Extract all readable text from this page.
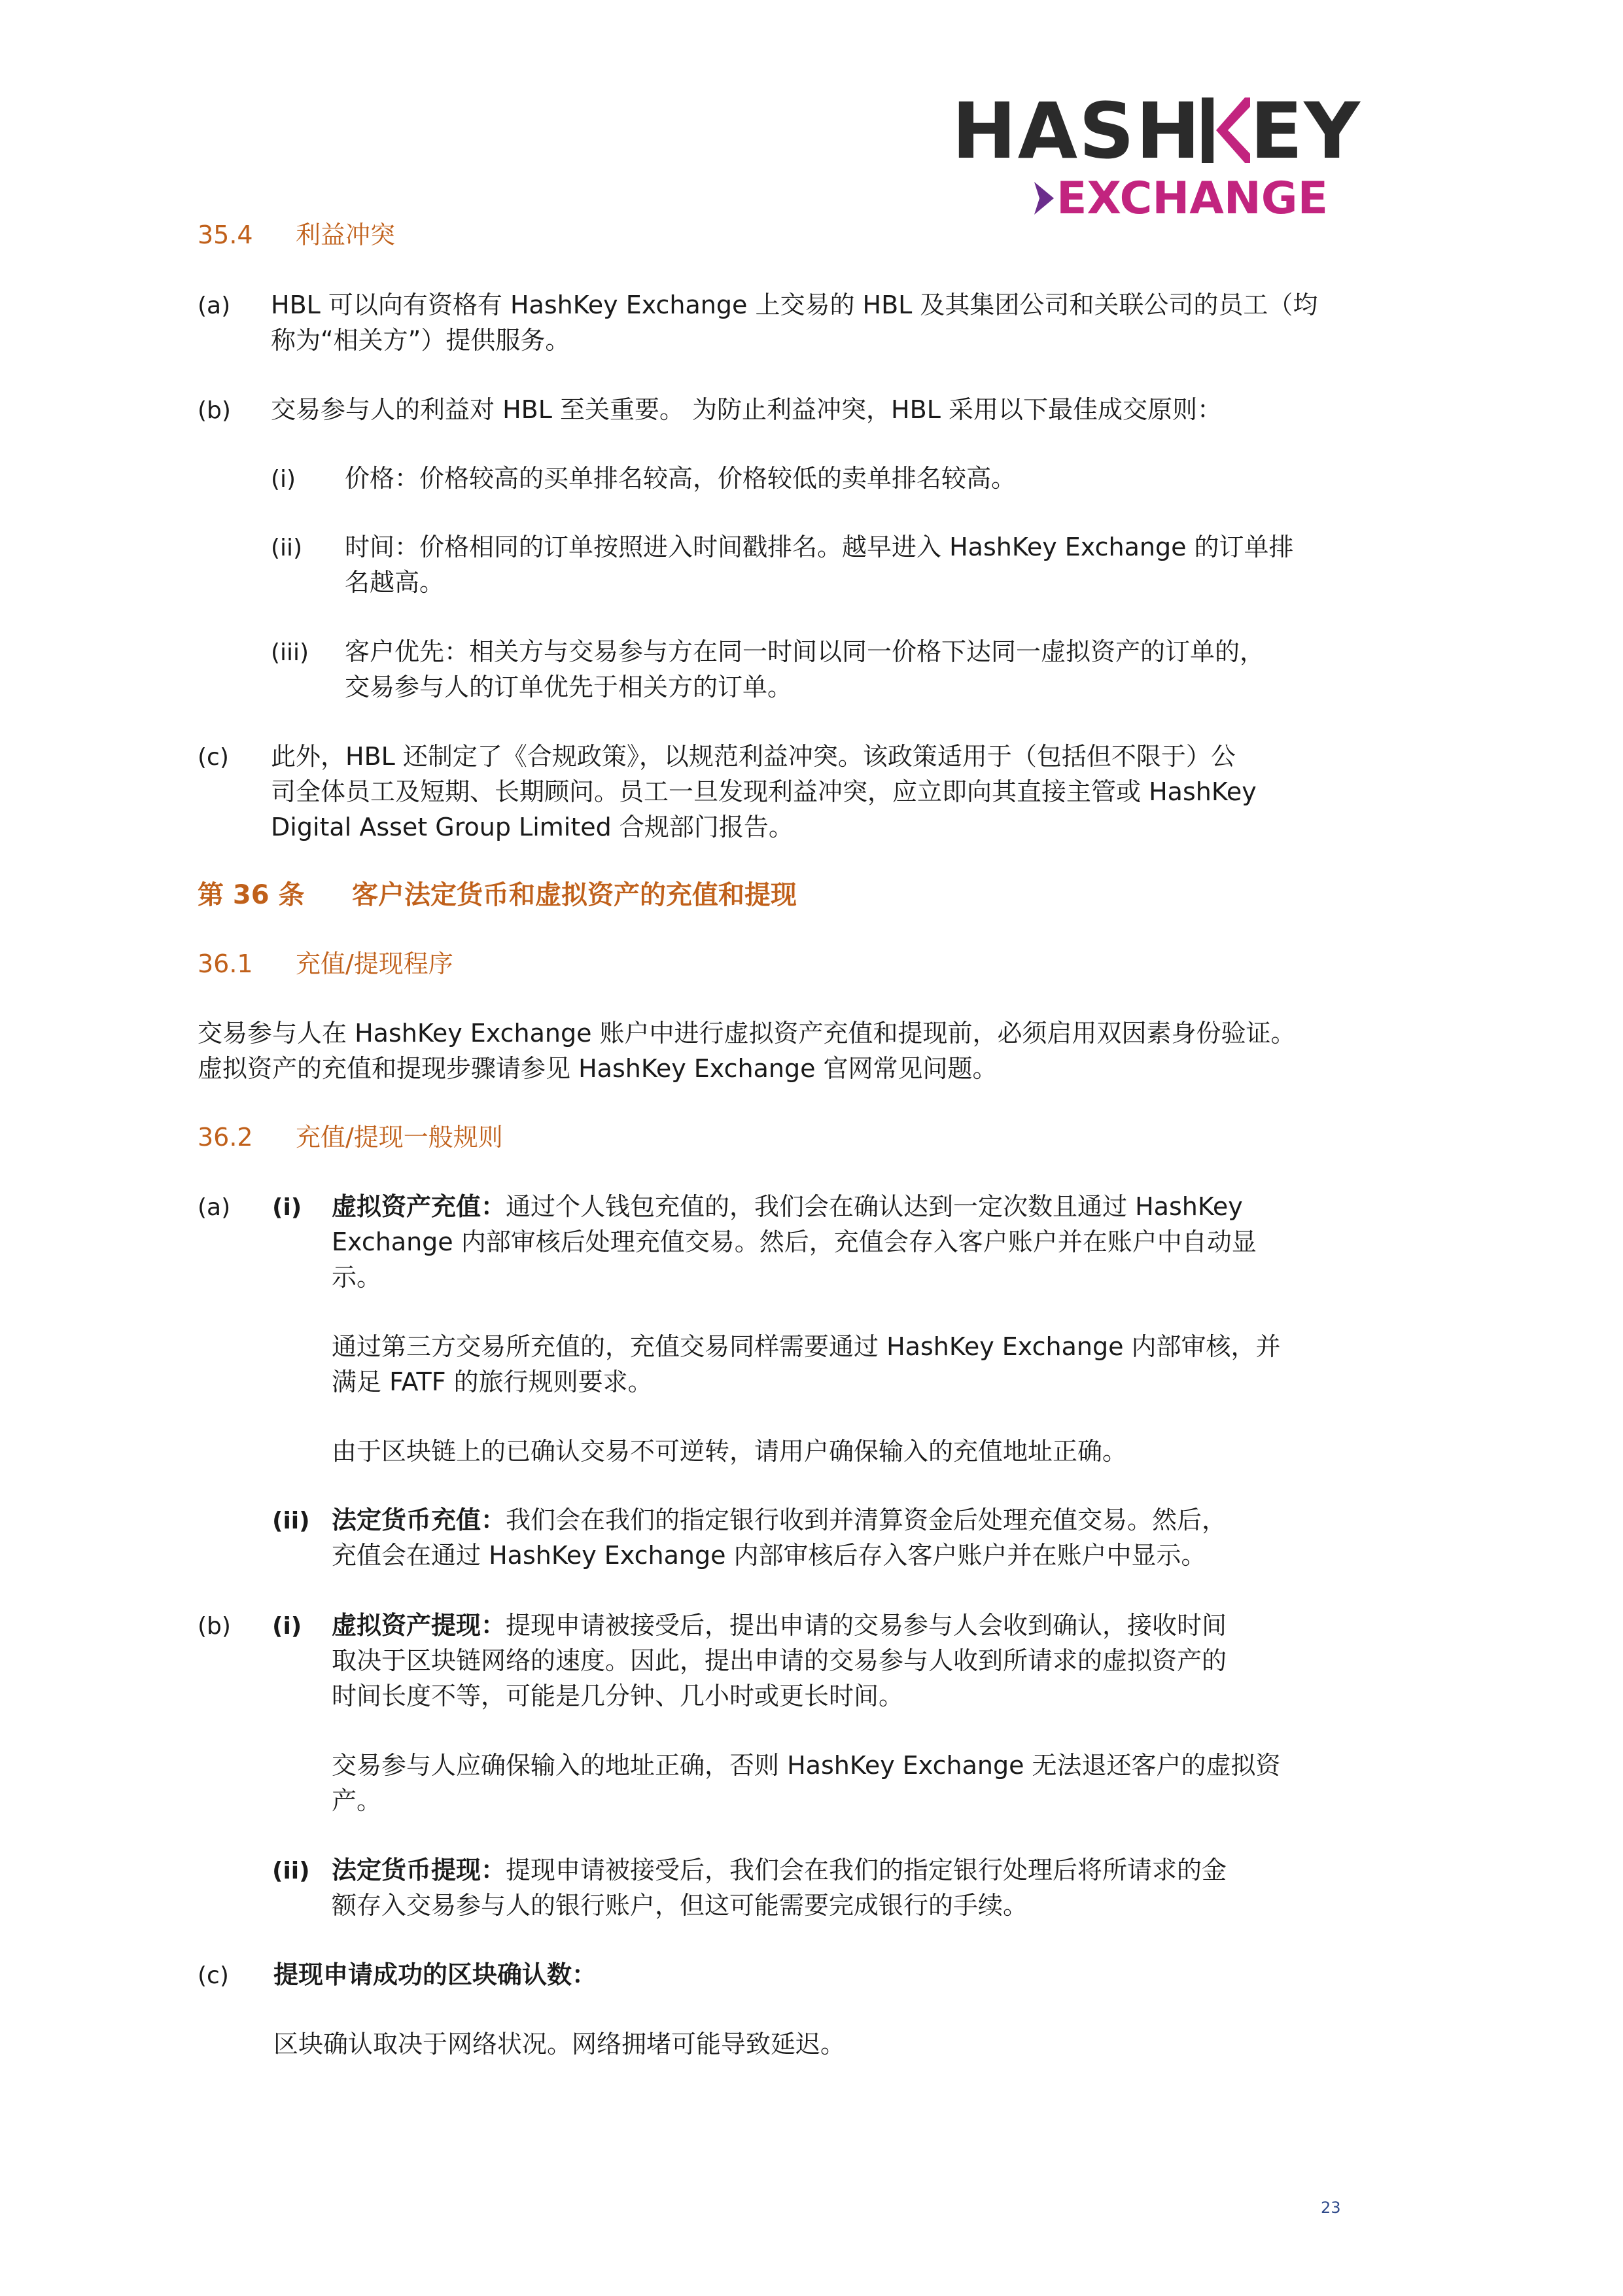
HASH EY
EXCHANGE
35.4 利益冲突
(a) HBL 可以向有资格有 HashKey Exchange 上交易的 HBL 及其集团公司和关联公司的员工（均
称为“相关方”）提供服务。
(b) 交易参与人的利益对 HBL 至关重要。 为防止利益冲突，HBL 采用以下最佳成交原则：
(i) 价格：价格较高的买单排名较高，价格较低的卖单排名较高。
(ii) 时间：价格相同的订单按照进入时间戳排名。越早进入 HashKey Exchange 的订单排
名越高。
(iii) 客户优先：相关方与交易参与方在同一时间以同一价格下达同一虚拟资产的订单的，
交易参与人的订单优先于相关方的订单。
(c) 此外，HBL 还制定了《合规政策》，以规范利益冲突。该政策适用于（包括但不限于）公
司全体员工及短期、长期顾问。员工一旦发现利益冲突，应立即向其直接主管或 HashKey
Digital Asset Group Limited 合规部门报告。
第 36 条 客户法定货币和虚拟资产的充值和提现
36.1 充值/提现程序
交易参与人在 HashKey Exchange 账户中进行虚拟资产充值和提现前，必须启用双因素身份验证。
虚拟资产的充值和提现步骤请参见 HashKey Exchange 官网常见问题。
36.2 充值/提现一般规则
(a) (i) 虚拟资产充值：通过个人钱包充值的，我们会在确认达到一定次数且通过 HashKey
Exchange 内部审核后处理充值交易。然后，充值会存入客户账户并在账户中自动显
示。
通过第三方交易所充值的，充值交易同样需要通过 HashKey Exchange 内部审核，并
满足 FATF 的旅行规则要求。
由于区块链上的已确认交易不可逆转，请用户确保输入的充值地址正确。
(ii) 法定货币充值：我们会在我们的指定银行收到并清算资金后处理充值交易。然后，
充值会在通过 HashKey Exchange 内部审核后存入客户账户并在账户中显示。
(b) (i) 虚拟资产提现：提现申请被接受后，提出申请的交易参与人会收到确认，接收时间
取决于区块链网络的速度。因此，提出申请的交易参与人收到所请求的虚拟资产的
时间长度不等，可能是几分钟、几小时或更长时间。
交易参与人应确保输入的地址正确，否则 HashKey Exchange 无法退还客户的虚拟资
产。
(ii) 法定货币提现：提现申请被接受后，我们会在我们的指定银行处理后将所请求的金
额存入交易参与人的银行账户，但这可能需要完成银行的手续。
(c) 提现申请成功的区块确认数：
区块确认取决于网络状况。网络拥堵可能导致延迟。
23
